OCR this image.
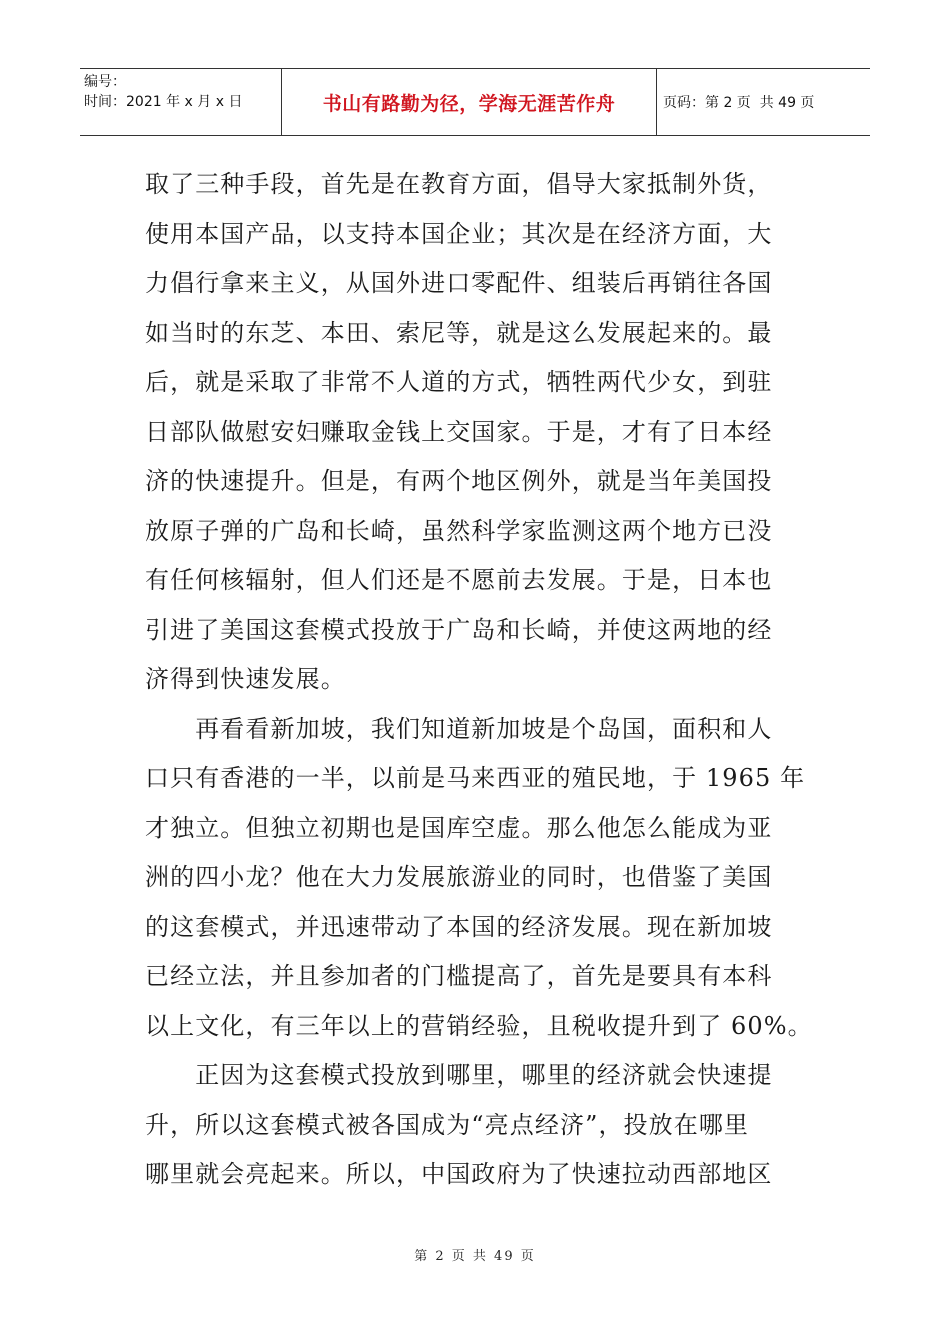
编号：
时间：2021 年 x 月 x 日	书山有路勤为径，学海无涯苦作舟	页码：第 2 页  共 49 页

取了三种手段，首先是在教育方面，倡导大家抵制外货，
使用本国产品，以支持本国企业；其次是在经济方面，大
力倡行拿来主义，从国外进口零配件、组装后再销往各国
如当时的东芝、本田、索尼等，就是这么发展起来的。最
后，就是采取了非常不人道的方式，牺牲两代少女，到驻
日部队做慰安妇赚取金钱上交国家。于是，才有了日本经
济的快速提升。但是，有两个地区例外，就是当年美国投
放原子弹的广岛和长崎，虽然科学家监测这两个地方已没
有任何核辐射，但人们还是不愿前去发展。于是，日本也
引进了美国这套模式投放于广岛和长崎，并使这两地的经
济得到快速发展。
　　再看看新加坡，我们知道新加坡是个岛国，面积和人
口只有香港的一半，以前是马来西亚的殖民地，于 1965 年
才独立。但独立初期也是国库空虚。那么他怎么能成为亚
洲的四小龙？他在大力发展旅游业的同时，也借鉴了美国
的这套模式，并迅速带动了本国的经济发展。现在新加坡
已经立法，并且参加者的门槛提高了，首先是要具有本科
以上文化，有三年以上的营销经验，且税收提升到了 60%。
　　正因为这套模式投放到哪里，哪里的经济就会快速提
升，所以这套模式被各国成为“亮点经济”，投放在哪里
哪里就会亮起来。所以，中国政府为了快速拉动西部地区

第 2 页 共 49 页
